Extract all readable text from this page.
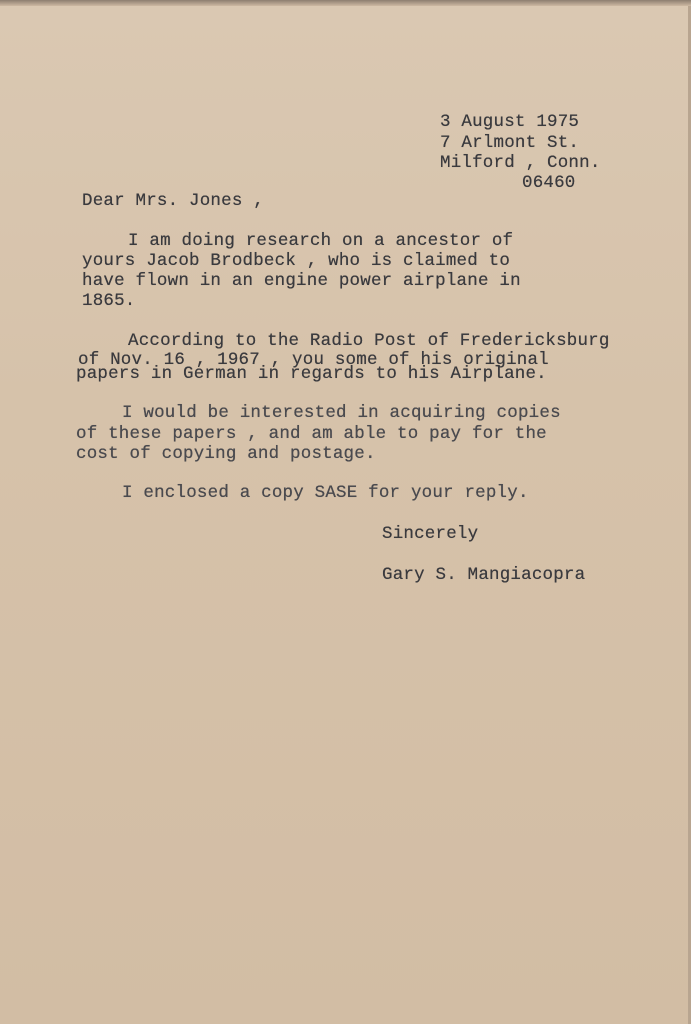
3 August 1975
7 Arlmont St.
Milford , Conn.
06460
Dear Mrs. Jones ,
I am doing research on a ancestor of
yours Jacob Brodbeck , who is claimed to
have flown in an engine power airplane in
1865.
According to the Radio Post of Fredericksburg
of Nov. 16 , 1967 , you some of his original
papers in German in regards to his Airplane.
I would be interested in acquiring copies
of these papers , and am able to pay for the
cost of copying and postage.
I enclosed a copy SASE for your reply.
Sincerely
Gary S. Mangiacopra
